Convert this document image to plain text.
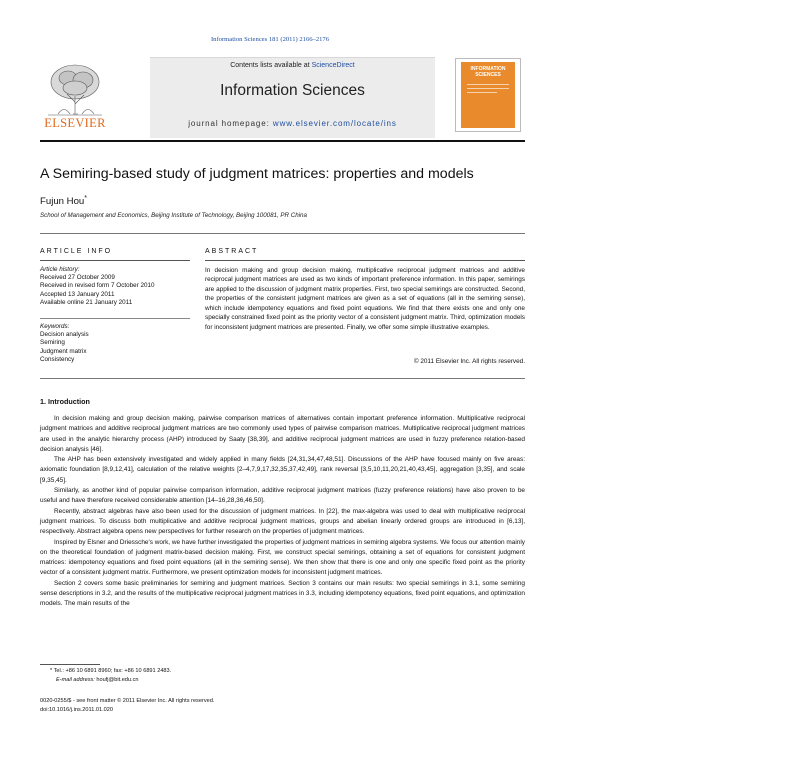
Information Sciences 181 (2011) 2166–2176
ELSEVIER
Contents lists available at ScienceDirect
Information Sciences
journal homepage: www.elsevier.com/locate/ins
INFORMATION SCIENCES
A Semiring-based study of judgment matrices: properties and models
Fujun Hou*
School of Management and Economics, Beijing Institute of Technology, Beijing 100081, PR China
ARTICLE INFO
Article history:
Received 27 October 2009
Received in revised form 7 October 2010
Accepted 13 January 2011
Available online 21 January 2011
Keywords:
Decision analysis
Semiring
Judgment matrix
Consistency
ABSTRACT
In decision making and group decision making, multiplicative reciprocal judgment matrices and additive reciprocal judgment matrices are used as two kinds of important preference information. In this paper, semirings are applied to the discussion of judgment matrix properties. First, two special semirings are constructed. Second, the properties of the consistent judgment matrices are given as a set of equations (all in the semiring sense), which include idempotency equations and fixed point equations. We find that there exists one and only one specially constrained fixed point as the priority vector of a consistent judgment matrix. Third, optimization models for inconsistent judgment matrices are presented. Finally, we offer some simple illustrative examples.
© 2011 Elsevier Inc. All rights reserved.
1. Introduction

In decision making and group decision making, pairwise comparison matrices of alternatives contain important preference information. Multiplicative reciprocal judgment matrices and additive reciprocal judgment matrices are two commonly used types of pairwise comparison matrices. Multiplicative reciprocal judgment matrices are used in the analytic hierarchy process (AHP) introduced by Saaty [38,39], and additive reciprocal judgment matrices are used in fuzzy preference relation-based decision analysis [46].

The AHP has been extensively investigated and widely applied in many fields [24,31,34,47,48,51]. Discussions of the AHP have focused mainly on five areas: axiomatic foundation [8,9,12,41], calculation of the relative weights [2–4,7,9,17,32,35,37,42,49], rank reversal [3,5,10,11,20,21,40,43,45], aggregation [3,35], and scale [9,35,45].

Similarly, as another kind of popular pairwise comparison information, additive reciprocal judgment matrices (fuzzy preference relations) have also proven to be useful and have therefore received considerable attention [14–16,28,36,46,50].

Recently, abstract algebras have also been used for the discussion of judgment matrices. In [22], the max-algebra was used to deal with multiplicative reciprocal judgment matrices. To discuss both multiplicative and additive reciprocal judgment matrices, groups and abelian linearly ordered groups are introduced in [6,13], respectively. Abstract algebra opens new perspectives for further research on the properties of judgment matrices.

Inspired by Elsner and Driessche's work, we have further investigated the properties of judgment matrices in semiring algebra systems. We focus our attention mainly on the theoretical foundation of judgment matrix-based decision making. First, we construct special semirings, obtaining a set of equations for consistent judgment matrices: idempotency equations and fixed point equations (all in the semiring sense). We then show that there is one and only one specific fixed point as the priority vector of a consistent judgment matrix. Furthermore, we present optimization models for inconsistent judgment matrices.

Section 2 covers some basic preliminaries for semiring and judgment matrices. Section 3 contains our main results: two special semirings in 3.1, some semiring sense descriptions in 3.2, and the results of the multiplicative reciprocal judgment matrices in 3.3, including idempotency equations, fixed point equations, and optimization models. The main results of the

* Tel.: +86 10 6891 8960; fax: +86 10 6891 2483.
E-mail address: houfj@bit.edu.cn
0020-0255/$ - see front matter © 2011 Elsevier Inc. All rights reserved.
doi:10.1016/j.ins.2011.01.020
